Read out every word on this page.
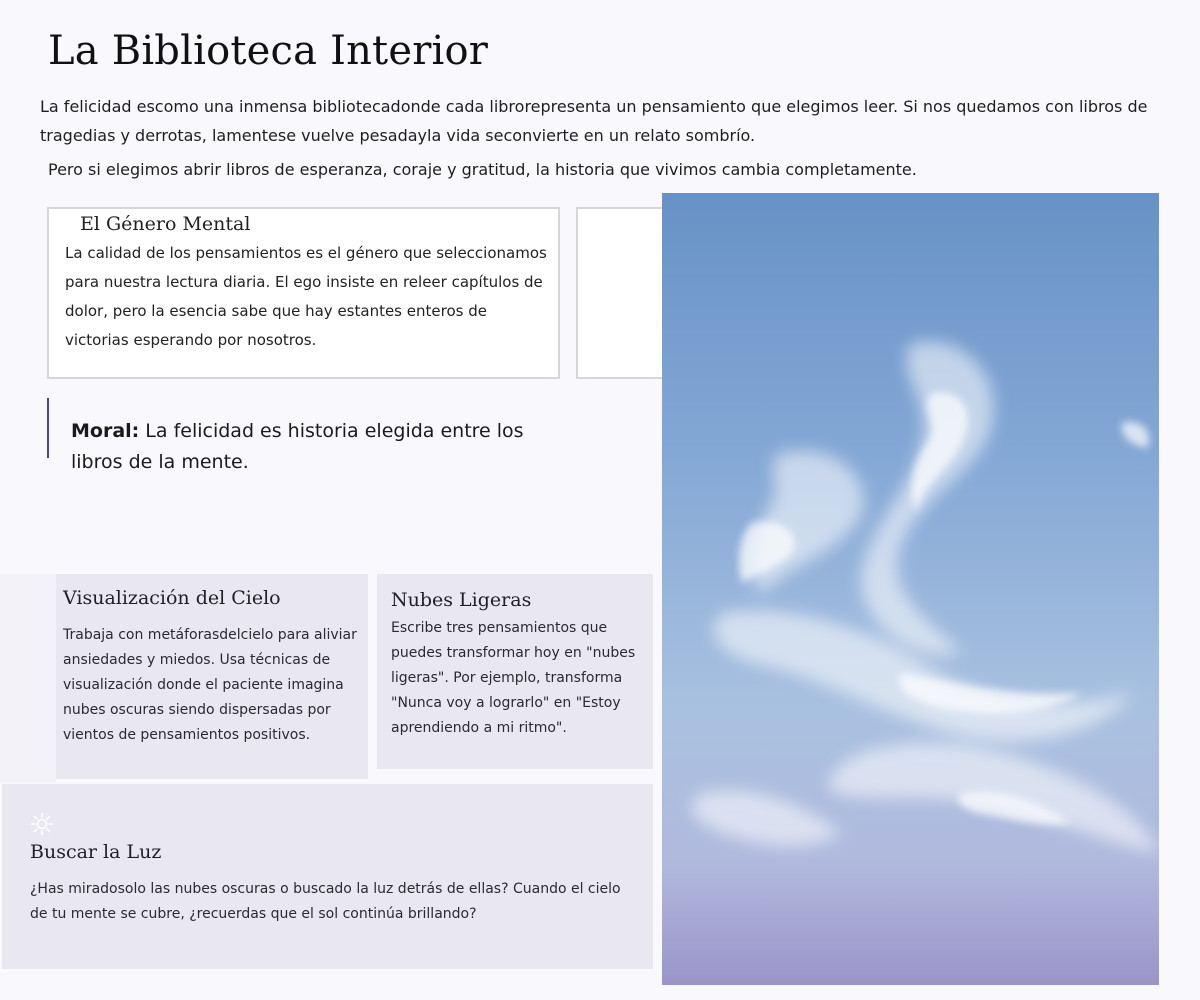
La Biblioteca Interior

La felicidad escomo una inmensa bibliotecadonde cada librorepresenta un pensamiento que elegimos leer. Si nos quedamos con libros de tragedias y derrotas, lamentese vuelve pesadayla vida seconvierte en un relato sombrío.

Pero si elegimos abrir libros de esperanza, coraje y gratitud, la historia que vivimos cambia completamente.

El Género Mental

La calidad de los pensamientos es el género que seleccionamos para nuestra lectura diaria. El ego insiste en releer capítulos de dolor, pero la esencia sabe que hay estantes enteros de victorias esperando por nosotros.

Moral: La felicidad es historia elegida entre los libros de la mente.

Visualización del Cielo

Trabaja con metáforasdelcielo para aliviar ansiedades y miedos. Usa técnicas de visualización donde el paciente imagina nubes oscuras siendo dispersadas por vientos de pensamientos positivos.

Nubes Ligeras

Escribe tres pensamientos que puedes transformar hoy en "nubes ligeras". Por ejemplo, transforma "Nunca voy a lograrlo" en "Estoy aprendiendo a mi ritmo".

Buscar la Luz

¿Has miradosolo las nubes oscuras o buscado la luz detrás de ellas? Cuando el cielo de tu mente se cubre, ¿recuerdas que el sol continúa brillando?
